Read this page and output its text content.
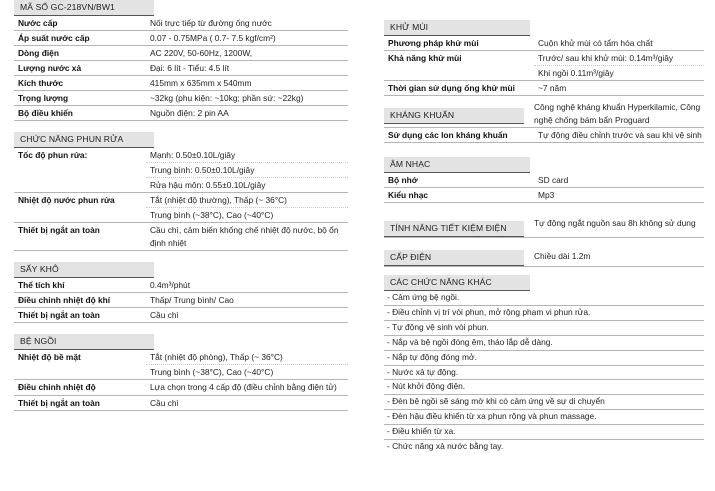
MÃ SỐ GC-218VN/BW1
Nước cấp	Nối trực tiếp từ đường ống nước
Áp suất nước cấp	0.07 - 0.75MPa ( 0.7- 7.5 kgf/cm²)
Dòng điện	AC 220V, 50-60Hz, 1200W,
Lượng nước xả	Đại: 6 lít - Tiểu: 4.5 lít
Kích thước	415mm x 635mm x 540mm
Trọng lượng	~32kg (phụ kiện: ~10kg; phần sứ: ~22kg)
Bộ điều khiển	Nguồn điện: 2 pin AA
CHỨC NĂNG PHUN RỬA
Tốc độ phun rửa:	Mạnh: 0.50±0.10L/giây
Trung bình: 0.50±0.10L/giây
Rửa hậu môn: 0.55±0.10L/giây
Nhiệt độ nước phun rửa	Tắt (nhiệt độ thường), Thấp (~ 36°C)
Trung bình (~38°C), Cao (~40°C)
Thiết bị ngắt an toàn	Cầu chì, cảm biến khống chế nhiệt độ nước, bộ ổn định nhiệt
SẤY KHÔ
Thể tích khí	0.4m³/phút
Điều chỉnh nhiệt độ khí	Thấp/ Trung bình/ Cao
Thiết bị ngắt an toàn	Cầu chì
BỆ NGỒI
Nhiệt độ bề mặt	Tắt (nhiệt độ phòng), Thấp (~ 36°C)
Trung bình (~38°C), Cao (~40°C)
Điều chỉnh nhiệt độ	Lựa chọn trong 4 cấp độ (điều chỉnh bằng điện tử)
Thiết bị ngắt an toàn	Cầu chì
KHỬ MÙI
Phương pháp khử mùi	Cuộn khử mùi có tẩm hóa chất
Khả năng khử mùi	Trước/ sau khi khử mùi: 0.14m³/giây
Khi ngồi 0.11m³/giây
Thời gian sử dụng ống khử mùi	~7 năm
KHÁNG KHUẨN
Công nghệ kháng khuẩn Hyperkilamic, Công nghệ chống bám bẩn Proguard
Sử dụng các lon kháng khuẩn	Tự động điều chỉnh trước và sau khi vệ sinh
ÂM NHẠC
Bộ nhớ	SD card
Kiểu nhạc	Mp3
TÍNH NĂNG TIẾT KIỆM ĐIỆN	Tự động ngắt nguồn sau 8h không sử dụng
CẤP ĐIỆN	Chiều dài 1.2m
CÁC CHỨC NĂNG KHÁC
- Cảm ứng bệ ngồi.
- Điều chỉnh vị trí vòi phun, mở rộng phạm vi phun rửa.
- Tự động vệ sinh vòi phun.
- Nắp và bệ ngồi đóng êm, tháo lắp dễ dàng.
- Nắp tự động đóng mở.
- Nước xả tự động.
- Nút khởi động điện.
- Đèn bệ ngồi sẽ sáng mờ khi có cảm ứng về sự di chuyển
- Đèn hậu điều khiển từ xa phun rộng và phun massage.
- Điều khiển từ xa.
- Chức năng xả nước bằng tay.
